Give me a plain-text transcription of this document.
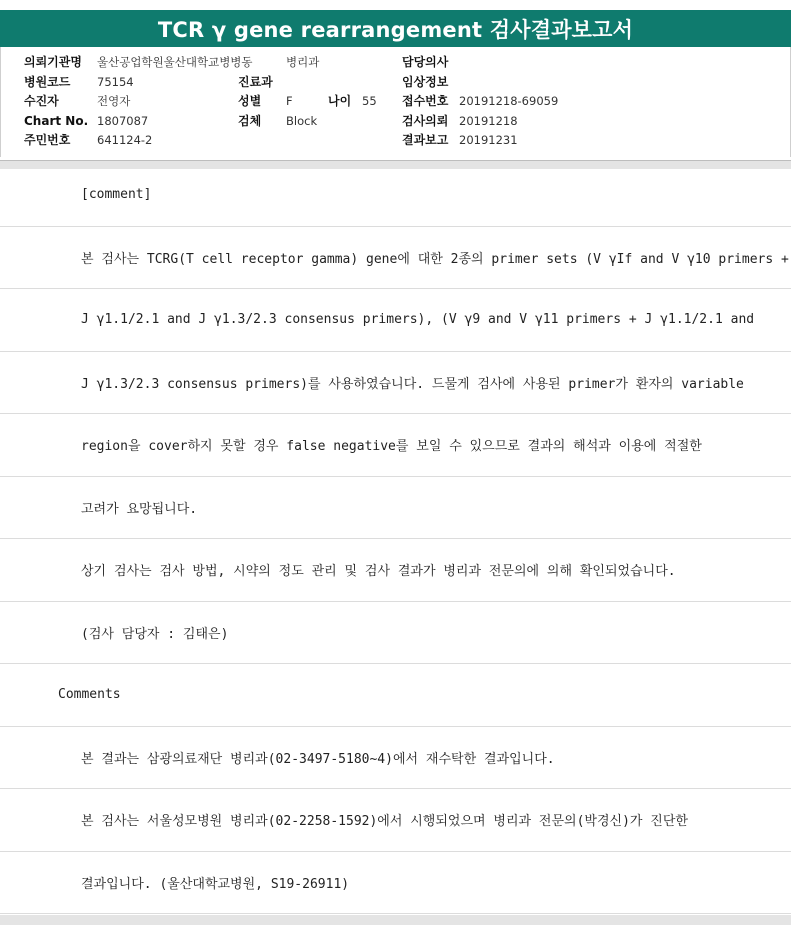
TCR γ gene rearrangement 검사결과보고서
의뢰기관명 울산공업학원울산대학교병병동	병리과	담당의사
병원코드 75154	진료과	임상정보
수진자	전영자	성별 F	나이 55 접수번호 20191218-69059
Chart No. 1807087	검체 Block	검사의뢰 20191218
주민번호 641124-2	결과보고 20191231
[comment]
본 검사는 TCRG(T cell receptor gamma) gene에 대한 2종의 primer sets (V γIf and V γ10 primers +
J γ1.1/2.1 and J γ1.3/2.3 consensus primers), (V γ9 and V γ11 primers + J γ1.1/2.1 and
J γ1.3/2.3 consensus primers)를 사용하였습니다. 드물게 검사에 사용된 primer가 환자의 variable
region을 cover하지 못할 경우 false negative를 보일 수 있으므로 결과의 해석과 이용에 적절한
고려가 요망됩니다.
상기 검사는 검사 방법, 시약의 정도 관리 및 검사 결과가 병리과 전문의에 의해 확인되었습니다.
(검사 담당자 : 김태은)
Comments
본 결과는 삼광의료재단 병리과(02-3497-5180~4)에서 재수탁한 결과입니다.
본 검사는 서울성모병원 병리과(02-2258-1592)에서 시행되었으며 병리과 전문의(박경신)가 진단한
결과입니다. (울산대학교병원, S19-26911)
